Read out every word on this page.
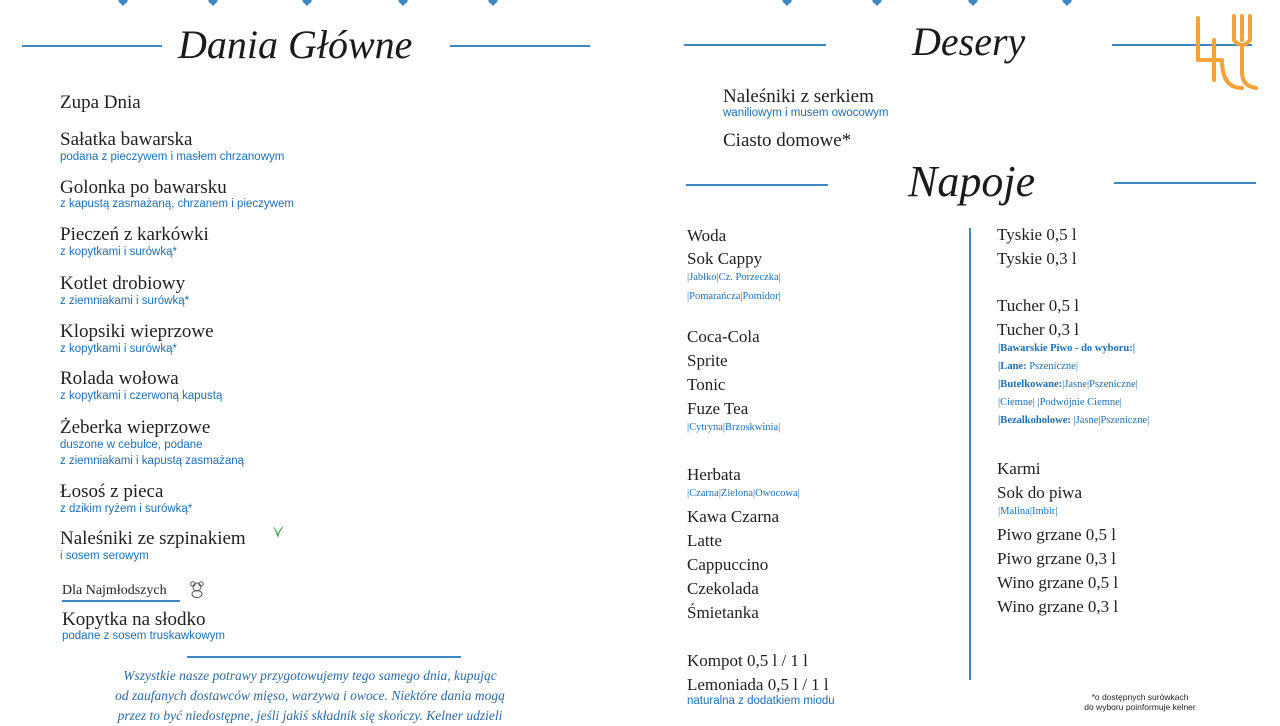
Dania Główne
Zupa Dnia
Sałatka bawarska
podana z pieczywem i masłem chrzanowym
Golonka po bawarsku
z kapustą zasmażaną, chrzanem i pieczywem
Pieczeń z karkówki
z kopytkami i surówką*
Kotlet drobiowy
z ziemniakami i surówką*
Klopsiki wieprzowe
z kopytkami i surówką*
Rolada wołowa
z kopytkami i czerwoną kapustą
Żeberka wieprzowe
duszone w cebulce, podane
z ziemniakami i kapustą zasmażaną
Łosoś z pieca
z dzikim ryżem i surówką*
Naleśniki ze szpinakiem
i sosem serowym
Dla Najmłodszych
Kopytka na słodko
podane z sosem truskawkowym
Wszystkie nasze potrawy przygotowujemy tego samego dnia, kupując
od zaufanych dostawców mięso, warzywa i owoce. Niektóre dania mogą
przez to być niedostępne, jeśli jakiś składnik się skończy. Kelner udzieli
Desery
Naleśniki z serkiem
waniliowym i musem owocowym
Ciasto domowe*
Napoje
Woda
Sok Cappy
|Jabłko|Cz. Porzeczka|
|Pomarańcza|Pomidor|
Coca-Cola
Sprite
Tonic
Fuze Tea
|Cytryna|Brzoskwinia|
Herbata
|Czarna|Zielona|Owocowa|
Kawa Czarna
Latte
Cappuccino
Czekolada
Śmietanka
Kompot 0,5 l / 1 l
Lemoniada 0,5 l / 1 l
naturalna z dodatkiem miodu
Tyskie 0,5 l
Tyskie 0,3 l
Tucher 0,5 l
Tucher 0,3 l
|Bawarskie Piwo - do wyboru:|
|Lane: Pszeniczne|
|Butelkowane:|Jasne|Pszeniczne|
|Ciemne| |Podwójnie Ciemne|
|Bezalkoholowe: |Jasne|Pszeniczne|
Karmi
Sok do piwa
|Malina|Imbir|
Piwo grzane 0,5 l
Piwo grzane 0,3 l
Wino grzane 0,5 l
Wino grzane 0,3 l
*o dostępnych surówkach
do wyboru poinformuje kelner
